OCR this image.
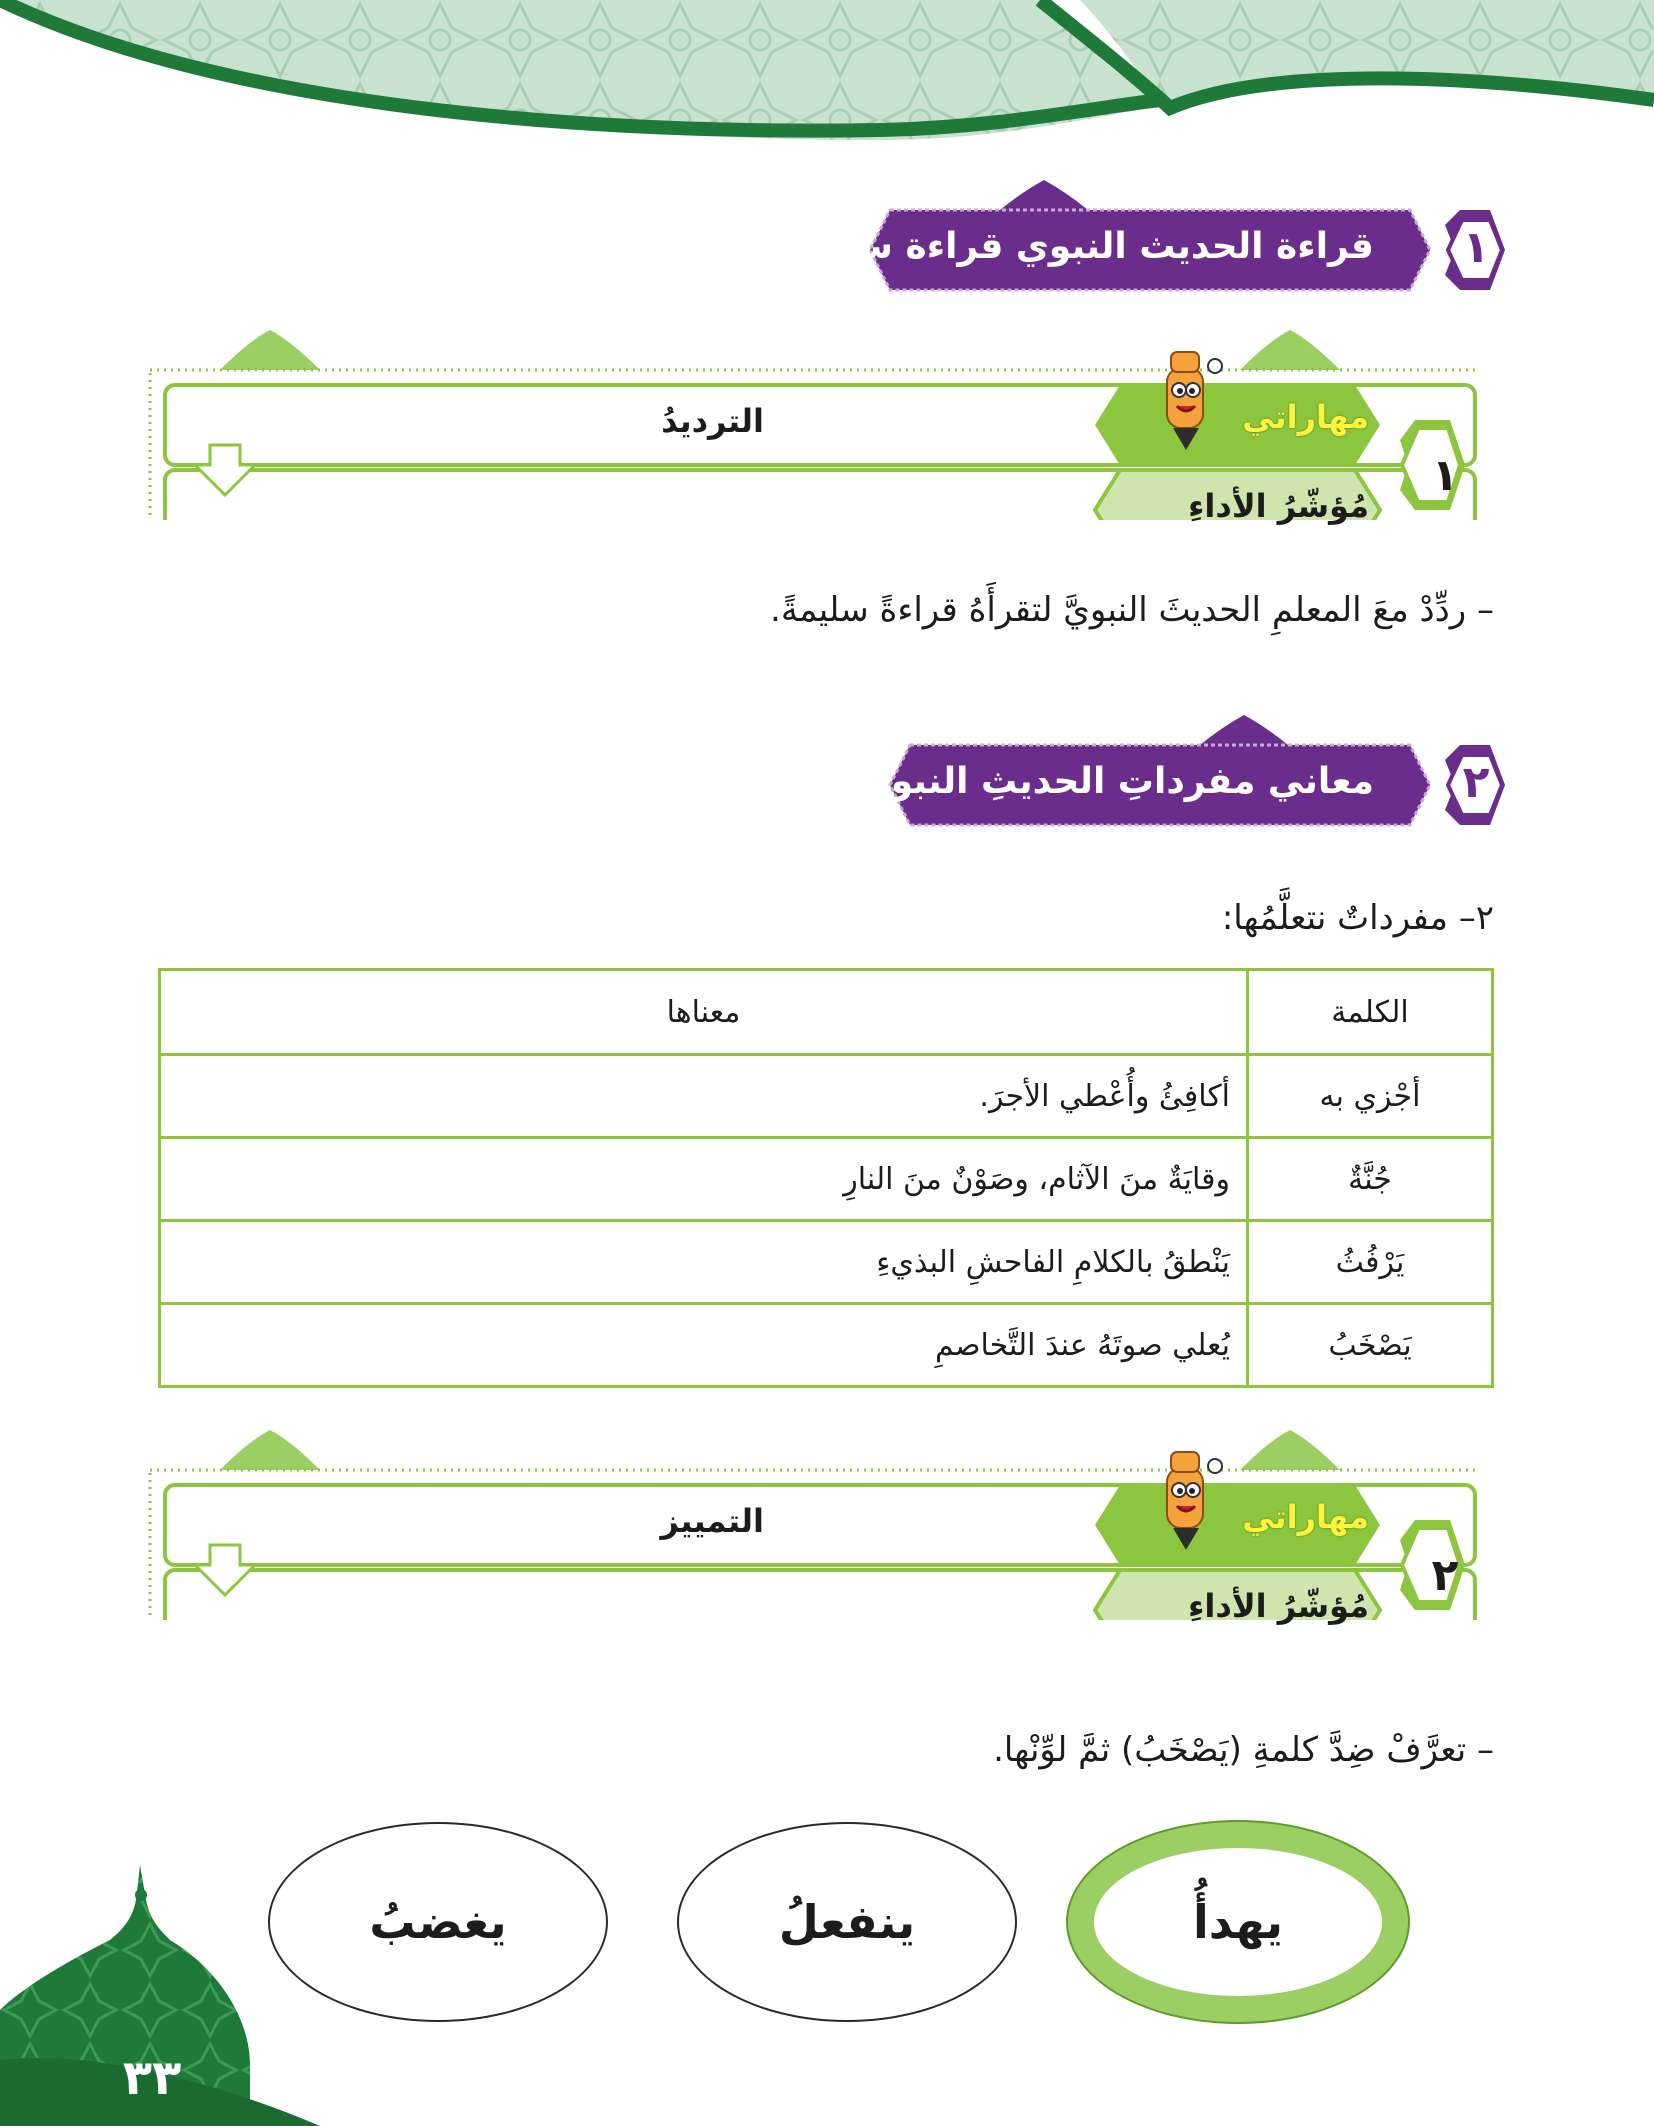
١
قراءة الحديث النبوي قراءة سليمة.
مهاراتي
الترديدُ
مُؤشّرُ الأداءِ
١
– ردِّدْ معَ المعلمِ الحديثَ النبويَّ لتقرأَهُ قراءةً سليمةً.
٢
معاني مفرداتِ الحديثِ النبوي.
٢– مفرداتٌ نتعلَّمُها:
الكلمة	معناها
أجْزي به	أكافِئُ وأُعْطي الأجرَ.
جُنَّةٌ	وقايَةٌ منَ الآثام، وصَوْنٌ منَ النارِ
يَرْفُثُ	يَنْطقُ بالكلامِ الفاحشِ البذيءِ
يَصْخَبُ	يُعلي صوتَهُ عندَ التَّخاصمِ
مهاراتي
التمييز
مُؤشّرُ الأداءِ
٢
– تعرَّفْ ضِدَّ كلمةِ (يَصْخَبُ) ثمَّ لوِّنْها.
يهدأُ
ينفعلُ
يغضبُ
٣٣
